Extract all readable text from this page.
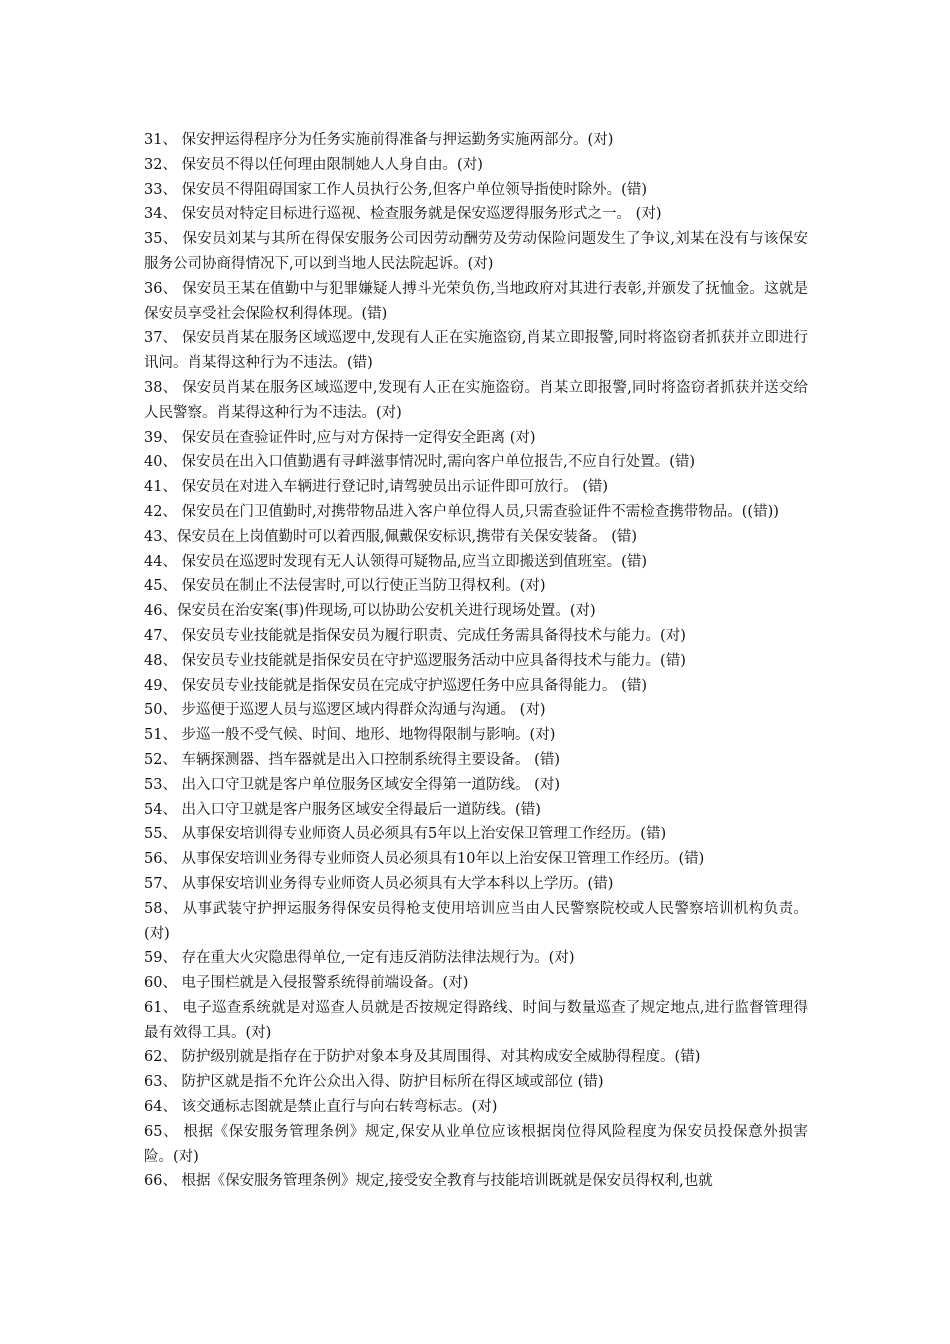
31、 保安押运得程序分为任务实施前得准备与押运勤务实施两部分。(对)

32、 保安员不得以任何理由限制她人人身自由。(对)

33、 保安员不得阻碍国家工作人员执行公务,但客户单位领导指使时除外。(错)

34、 保安员对特定目标进行巡视、检查服务就是保安巡逻得服务形式之一。 (对)

35、 保安员刘某与其所在得保安服务公司因劳动酬劳及劳动保险问题发生了争议,刘某在没有与该保安服务公司协商得情况下,可以到当地人民法院起诉。(对)

36、 保安员王某在值勤中与犯罪嫌疑人搏斗光荣负伤,当地政府对其进行表彰,并颁发了抚恤金。这就是保安员享受社会保险权利得体现。(错)

37、 保安员肖某在服务区域巡逻中,发现有人正在实施盗窃,肖某立即报警,同时将盗窃者抓获并立即进行讯问。肖某得这种行为不违法。(错)

38、 保安员肖某在服务区域巡逻中,发现有人正在实施盗窃。肖某立即报警,同时将盗窃者抓获并送交给人民警察。肖某得这种行为不违法。(对)

39、 保安员在查验证件时,应与对方保持一定得安全距离 (对)

40、 保安员在出入口值勤遇有寻衅滋事情况时,需向客户单位报告,不应自行处置。(错)

41、 保安员在对进入车辆进行登记时,请驾驶员出示证件即可放行。 (错)

42、 保安员在门卫值勤时,对携带物品进入客户单位得人员,只需查验证件不需检查携带物品。((错))

43、保安员在上岗值勤时可以着西服,佩戴保安标识,携带有关保安装备。 (错)

44、 保安员在巡逻时发现有无人认领得可疑物品,应当立即搬送到值班室。(错)

45、 保安员在制止不法侵害时,可以行使正当防卫得权利。(对)

46、保安员在治安案(事)件现场,可以协助公安机关进行现场处置。(对)

47、 保安员专业技能就是指保安员为履行职责、完成任务需具备得技术与能力。(对)

48、 保安员专业技能就是指保安员在守护巡逻服务活动中应具备得技术与能力。(错)

49、 保安员专业技能就是指保安员在完成守护巡逻任务中应具备得能力。 (错)

50、 步巡便于巡逻人员与巡逻区域内得群众沟通与沟通。 (对)

51、 步巡一般不受气候、时间、地形、地物得限制与影响。(对)

52、 车辆探测器、挡车器就是出入口控制系统得主要设备。 (错)

53、 出入口守卫就是客户单位服务区域安全得第一道防线。 (对)

54、 出入口守卫就是客户服务区域安全得最后一道防线。(错)

55、 从事保安培训得专业师资人员必须具有5年以上治安保卫管理工作经历。(错)

56、 从事保安培训业务得专业师资人员必须具有10年以上治安保卫管理工作经历。(错)

57、 从事保安培训业务得专业师资人员必须具有大学本科以上学历。(错)

58、 从事武装守护押运服务得保安员得枪支使用培训应当由人民警察院校或人民警察培训机构负责。(对)

59、 存在重大火灾隐患得单位,一定有违反消防法律法规行为。(对)

60、 电子围栏就是入侵报警系统得前端设备。(对)

61、 电子巡查系统就是对巡查人员就是否按规定得路线、时间与数量巡查了规定地点,进行监督管理得最有效得工具。(对)

62、 防护级别就是指存在于防护对象本身及其周围得、对其构成安全威胁得程度。(错)

63、 防护区就是指不允许公众出入得、防护目标所在得区域或部位 (错)

64、 该交通标志图就是禁止直行与向右转弯标志。(对)

65、 根据《保安服务管理条例》规定,保安从业单位应该根据岗位得风险程度为保安员投保意外损害险。(对)

66、 根据《保安服务管理条例》规定,接受安全教育与技能培训既就是保安员得权利,也就
